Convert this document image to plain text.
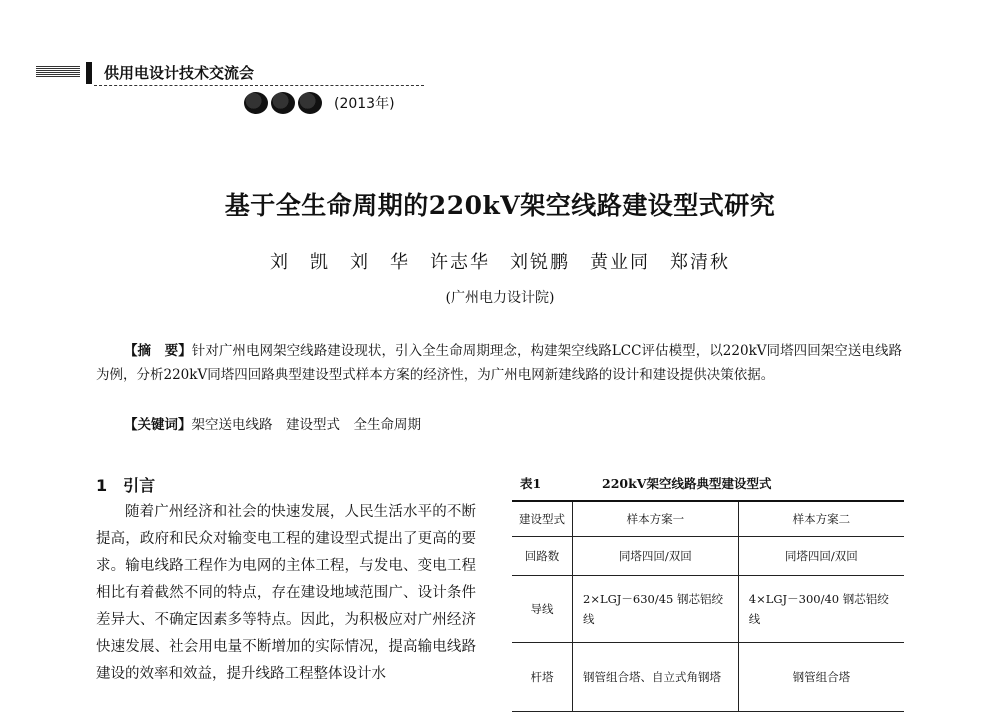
供用电设计技术交流会
(2013年)
基于全生命周期的220kV架空线路建设型式研究
刘　凯　刘　华　许志华　刘锐鹏　黄业同　郑清秋
(广州电力设计院)
【摘　要】针对广州电网架空线路建设现状，引入全生命周期理念，构建架空线路LCC评估模型，以220kV同塔四回架空送电线路为例，分析220kV同塔四回路典型建设型式样本方案的经济性，为广州电网新建线路的设计和建设提供决策依据。
【关键词】架空送电线路　建设型式　全生命周期
1 引言
随着广州经济和社会的快速发展，人民生活水平的不断提高，政府和民众对输变电工程的建设型式提出了更高的要求。输电线路工程作为电网的主体工程，与发电、变电工程相比有着截然不同的特点，存在建设地域范围广、设计条件差异大、不确定因素多等特点。因此，为积极应对广州经济快速发展、社会用电量不断增加的实际情况，提高输电线路建设的效率和效益，提升线路工程整体设计水
表1	220kV架空线路典型建设型式
建设型式	样本方案一	样本方案二
回路数	同塔四回/双回	同塔四回/双回
导线	2×LGJ－630/45 钢芯铝绞线	4×LGJ－300/40 钢芯铝绞线
杆塔	钢管组合塔、自立式角钢塔	钢管组合塔
